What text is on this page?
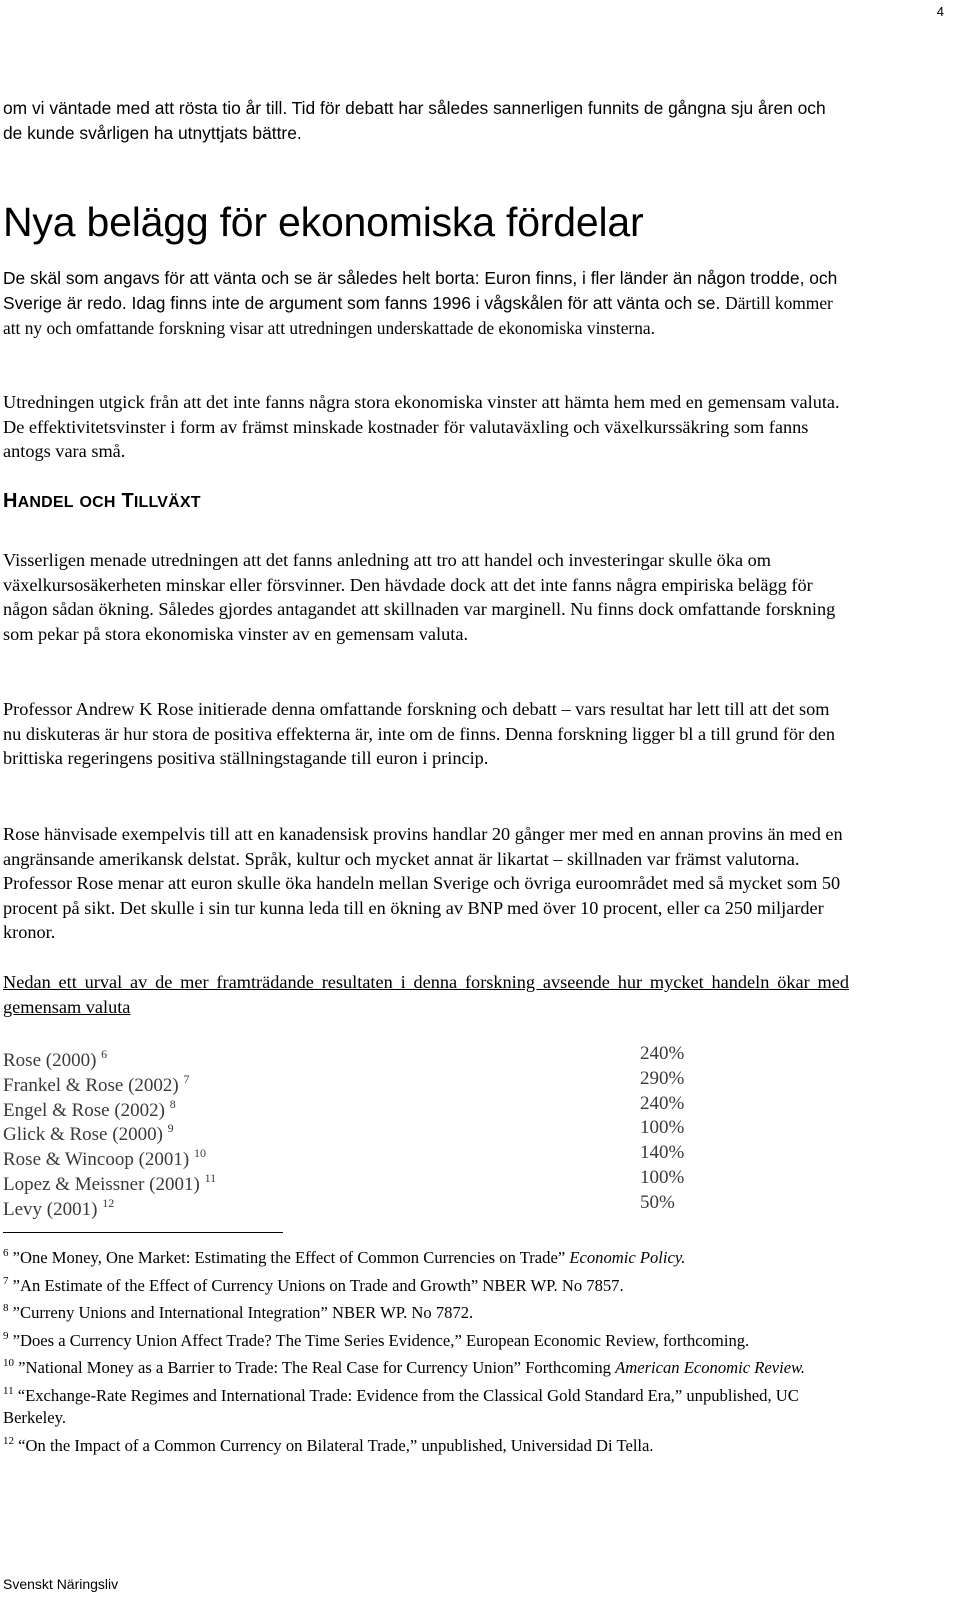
4

om vi väntade med att rösta tio år till. Tid för debatt har således sannerligen funnits de gångna sju åren och de kunde svårligen ha utnyttjats bättre.

Nya belägg för ekonomiska fördelar

De skäl som angavs för att vänta och se är således helt borta: Euron finns, i fler länder än någon trodde, och Sverige är redo. Idag finns inte de argument som fanns 1996 i vågskålen för att vänta och se. Därtill kommer att ny och omfattande forskning visar att utredningen underskattade de ekonomiska vinsterna.

Utredningen utgick från att det inte fanns några stora ekonomiska vinster att hämta hem med en gemensam valuta. De effektivitetsvinster i form av främst minskade kostnader för valutaväxling och växelkurssäkring som fanns antogs vara små.

HANDEL OCH TILLVÄXT

Visserligen menade utredningen att det fanns anledning att tro att handel och investeringar skulle öka om växelkursosäkerheten minskar eller försvinner. Den hävdade dock att det inte fanns några empiriska belägg för någon sådan ökning. Således gjordes antagandet att skillnaden var marginell. Nu finns dock omfattande forskning som pekar på stora ekonomiska vinster av en gemensam valuta.

Professor Andrew K Rose initierade denna omfattande forskning och debatt – vars resultat har lett till att det som nu diskuteras är hur stora de positiva effekterna är, inte om de finns. Denna forskning ligger bl a till grund för den brittiska regeringens positiva ställningstagande till euron i princip.

Rose hänvisade exempelvis till att en kanadensisk provins handlar 20 gånger mer med en annan provins än med en angränsande amerikansk delstat. Språk, kultur och mycket annat är likartat – skillnaden var främst valutorna. Professor Rose menar att euron skulle öka handeln mellan Sverige och övriga euroområdet med så mycket som 50 procent på sikt. Det skulle i sin tur kunna leda till en ökning av BNP med över 10 procent, eller ca 250 miljarder kronor.

Nedan ett urval av de mer framträdande resultaten i denna forskning avseende hur mycket handeln ökar med gemensam valuta

Rose (2000) $^6$	240%
Frankel & Rose (2002) $^7$	290%
Engel & Rose (2002) $^8$	240%
Glick & Rose (2000) $^9$	100%
Rose & Wincoop (2001) $^{10}$	140%
Lopez & Meissner (2001) $^{11}$	100%
Levy (2001) $^{12}$	50%

$^6$ ”One Money, One Market: Estimating the Effect of Common Currencies on Trade” Economic Policy.

$^7$ ”An Estimate of the Effect of Currency Unions on Trade and Growth” NBER WP. No 7857.

$^8$ ”Curreny Unions and International Integration” NBER WP. No 7872.

$^9$ ”Does a Currency Union Affect Trade? The Time Series Evidence,” European Economic Review, forthcoming.

$^{10}$ ”National Money as a Barrier to Trade: The Real Case for Currency Union” Forthcoming American Economic Review.

$^{11}$ “Exchange-Rate Regimes and International Trade: Evidence from the Classical Gold Standard Era,” unpublished, UC Berkeley.

$^{12}$ “On the Impact of a Common Currency on Bilateral Trade,” unpublished, Universidad Di Tella.

Svenskt Näringsliv
